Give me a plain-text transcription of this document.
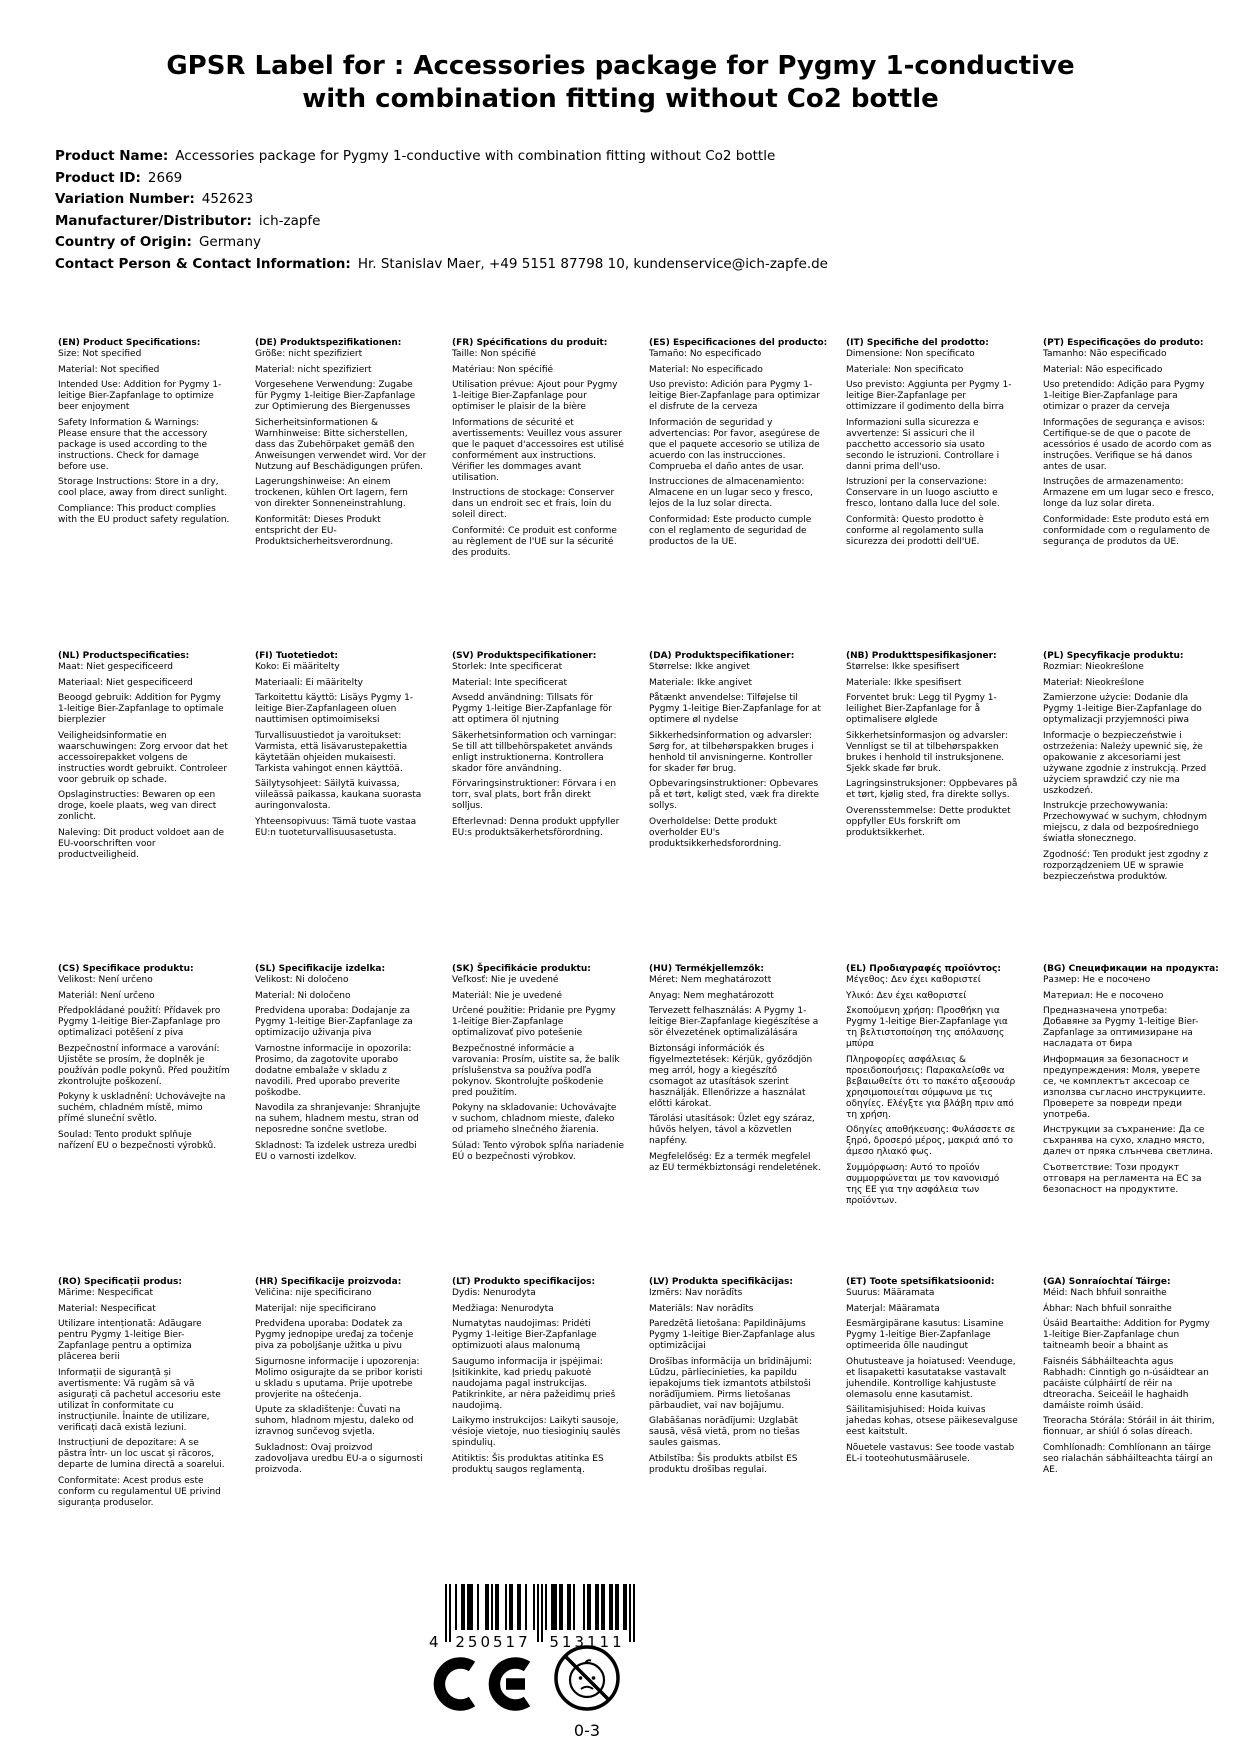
GPSR Label for : Accessories package for Pygmy 1-conductive with combination fitting without Co2 bottle
Product Name: Accessories package for Pygmy 1-conductive with combination fitting without Co2 bottle
Product ID: 2669
Variation Number: 452623
Manufacturer/Distributor: ich-zapfe
Country of Origin: Germany
Contact Person & Contact Information: Hr. Stanislav Maer, +49 5151 87798 10, kundenservice@ich-zapfe.de
(EN) Product Specifications:

Size: Not specified

Material: Not specified

Intended Use: Addition for Pygmy 1-leitige Bier-Zapfanlage to optimize beer enjoyment

Safety Information & Warnings: Please ensure that the accessory package is used according to the instructions. Check for damage before use.

Storage Instructions: Store in a dry, cool place, away from direct sunlight.

Compliance: This product complies with the EU product safety regulation.

(DE) Produktspezifikationen:

Größe: nicht spezifiziert

Material: nicht spezifiziert

Vorgesehene Verwendung: Zugabe für Pygmy 1-leitige Bier-Zapfanlage zur Optimierung des Biergenusses

Sicherheitsinformationen & Warnhinweise: Bitte sicherstellen, dass das Zubehörpaket gemäß den Anweisungen verwendet wird. Vor der Nutzung auf Beschädigungen prüfen.

Lagerungshinweise: An einem trockenen, kühlen Ort lagern, fern von direkter Sonneneinstrahlung.

Konformität: Dieses Produkt entspricht der EU-Produktsicherheitsverordnung.

(FR) Spécifications du produit:

Taille: Non spécifié

Matériau: Non spécifié

Utilisation prévue: Ajout pour Pygmy 1-leitige Bier-Zapfanlage pour optimiser le plaisir de la bière

Informations de sécurité et avertissements: Veuillez vous assurer que le paquet d'accessoires est utilisé conformément aux instructions. Vérifier les dommages avant utilisation.

Instructions de stockage: Conserver dans un endroit sec et frais, loin du soleil direct.

Conformité: Ce produit est conforme au règlement de l'UE sur la sécurité des produits.

(ES) Especificaciones del producto:

Tamaño: No especificado

Material: No especificado

Uso previsto: Adición para Pygmy 1-leitige Bier-Zapfanlage para optimizar el disfrute de la cerveza

Información de seguridad y advertencias: Por favor, asegúrese de que el paquete accesorio se utiliza de acuerdo con las instrucciones. Comprueba el daño antes de usar.

Instrucciones de almacenamiento: Almacene en un lugar seco y fresco, lejos de la luz solar directa.

Conformidad: Este producto cumple con el reglamento de seguridad de productos de la UE.

(IT) Specifiche del prodotto:

Dimensione: Non specificato

Materiale: Non specificato

Uso previsto: Aggiunta per Pygmy 1-leitige Bier-Zapfanlage per ottimizzare il godimento della birra

Informazioni sulla sicurezza e avvertenze: Si assicuri che il pacchetto accessorio sia usato secondo le istruzioni. Controllare i danni prima dell'uso.

Istruzioni per la conservazione: Conservare in un luogo asciutto e fresco, lontano dalla luce del sole.

Conformità: Questo prodotto è conforme al regolamento sulla sicurezza dei prodotti dell'UE.

(PT) Especificações do produto:

Tamanho: Não especificado

Material: Não especificado

Uso pretendido: Adição para Pygmy 1-leitige Bier-Zapfanlage para otimizar o prazer da cerveja

Informações de segurança e avisos: Certifique-se de que o pacote de acessórios é usado de acordo com as instruções. Verifique se há danos antes de usar.

Instruções de armazenamento: Armazene em um lugar seco e fresco, longe da luz solar direta.

Conformidade: Este produto está em conformidade com o regulamento de segurança de produtos da UE.

(NL) Productspecificaties:

Maat: Niet gespecificeerd

Materiaal: Niet gespecificeerd

Beoogd gebruik: Addition for Pygmy 1-leitige Bier-Zapfanlage to optimale bierplezier

Veiligheidsinformatie en waarschuwingen: Zorg ervoor dat het accessoirepakket volgens de instructies wordt gebruikt. Controleer voor gebruik op schade.

Opslaginstructies: Bewaren op een droge, koele plaats, weg van direct zonlicht.

Naleving: Dit product voldoet aan de EU-voorschriften voor productveiligheid.

(FI) Tuotetiedot:

Koko: Ei määritelty

Materiaali: Ei määritelty

Tarkoitettu käyttö: Lisäys Pygmy 1-leitige Bier-Zapfanlageen oluen nauttimisen optimoimiseksi

Turvallisuustiedot ja varoitukset: Varmista, että lisävarustepakettia käytetään ohjeiden mukaisesti. Tarkista vahingot ennen käyttöä.

Säilytysohjeet: Säilytä kuivassa, viileässä paikassa, kaukana suorasta auringonvalosta.

Yhteensopivuus: Tämä tuote vastaa EU:n tuoteturvallisuusasetusta.

(SV) Produktspecifikationer:

Storlek: Inte specificerat

Material: Inte specificerat

Avsedd användning: Tillsats för Pygmy 1-leitige Bier-Zapfanlage för att optimera öl njutning

Säkerhetsinformation och varningar: Se till att tillbehörspaketet används enligt instruktionerna. Kontrollera skador före användning.

Förvaringsinstruktioner: Förvara i en torr, sval plats, bort från direkt solljus.

Efterlevnad: Denna produkt uppfyller EU:s produktsäkerhetsförordning.

(DA) Produktspecifikationer:

Størrelse: Ikke angivet

Materiale: Ikke angivet

Påtænkt anvendelse: Tilføjelse til Pygmy 1-leitige Bier-Zapfanlage for at optimere øl nydelse

Sikkerhedsinformation og advarsler: Sørg for, at tilbehørspakken bruges i henhold til anvisningerne. Kontroller for skader før brug.

Opbevaringsinstruktioner: Opbevares på et tørt, køligt sted, væk fra direkte sollys.

Overholdelse: Dette produkt overholder EU's produktsikkerhedsforordning.

(NB) Produkttspesifikasjoner:

Størrelse: Ikke spesifisert

Materiale: Ikke spesifisert

Forventet bruk: Legg til Pygmy 1-leilighet Bier-Zapfanlage for å optimalisere ølglede

Sikkerhetsinformasjon og advarsler: Vennligst se til at tilbehørspakken brukes i henhold til instruksjonene. Sjekk skade før bruk.

Lagringsinstruksjoner: Oppbevares på et tørt, kjølig sted, fra direkte sollys.

Overensstemmelse: Dette produktet oppfyller EUs forskrift om produktsikkerhet.

(PL) Specyfikacje produktu:

Rozmiar: Nieokreślone

Materiał: Nieokreślone

Zamierzone użycie: Dodanie dla Pygmy 1-leitige Bier-Zapfanlage do optymalizacji przyjemności piwa

Informacje o bezpieczeństwie i ostrzeżenia: Należy upewnić się, że opakowanie z akcesoriami jest używane zgodnie z instrukcją. Przed użyciem sprawdzić czy nie ma uszkodzeń.

Instrukcje przechowywania: Przechowywać w suchym, chłodnym miejscu, z dala od bezpośredniego światła słonecznego.

Zgodność: Ten produkt jest zgodny z rozporządzeniem UE w sprawie bezpieczeństwa produktów.

(CS) Specifikace produktu:

Velikost: Není určeno

Materiál: Není určeno

Předpokládané použití: Přídavek pro Pygmy 1-leitige Bier-Zapfanlage pro optimalizaci potěšení z piva

Bezpečnostní informace a varování: Ujistěte se prosím, že doplněk je používán podle pokynů. Před použitím zkontrolujte poškození.

Pokyny k uskladnění: Uchovávejte na suchém, chladném místě, mimo přímé sluneční světlo.

Soulad: Tento produkt splňuje nařízení EU o bezpečnosti výrobků.

(SL) Specifikacije izdelka:

Velikost: Ni določeno

Material: Ni določeno

Predvidena uporaba: Dodajanje za Pygmy 1-leitige Bier-Zapfanlage za optimizacijo uživanja piva

Varnostne informacije in opozorila: Prosimo, da zagotovite uporabo dodatne embalaže v skladu z navodili. Pred uporabo preverite poškodbe.

Navodila za shranjevanje: Shranjujte na suhem, hladnem mestu, stran od neposredne sončne svetlobe.

Skladnost: Ta izdelek ustreza uredbi EU o varnosti izdelkov.

(SK) Špecifikácie produktu:

Veľkosť: Nie je uvedené

Materiál: Nie je uvedené

Určené použitie: Pridanie pre Pygmy 1-leitige Bier-Zapfanlage optimalizovať pivo potešenie

Bezpečnostné informácie a varovania: Prosím, uistite sa, že balík príslušenstva sa používa podľa pokynov. Skontrolujte poškodenie pred použitím.

Pokyny na skladovanie: Uchovávajte v suchom, chladnom mieste, ďaleko od priameho slnečného žiarenia.

Súlad: Tento výrobok spĺňa nariadenie EÚ o bezpečnosti výrobkov.

(HU) Termékjellemzők:

Méret: Nem meghatározott

Anyag: Nem meghatározott

Tervezett felhasználás: A Pygmy 1-leitige Bier-Zapfanlage kiegészítése a sör élvezetének optimalizálására

Biztonsági információk és figyelmeztetések: Kérjük, győződjön meg arról, hogy a kiegészítő csomagot az utasítások szerint használják. Ellenőrizze a használat előtti károkat.

Tárolási utasítások: Üzlet egy száraz, hűvös helyen, távol a közvetlen napfény.

Megfelelőség: Ez a termék megfelel az EU termékbiztonsági rendeletének.

(EL) Προδιαγραφές προϊόντος:

Μέγεθος: Δεν έχει καθοριστεί

Υλικό: Δεν έχει καθοριστεί

Σκοπούμενη χρήση: Προσθήκη για Pygmy 1-leitige Bier-Zapfanlage για τη βελτιστοποίηση της απόλαυσης μπύρα

Πληροφορίες ασφάλειας & προειδοποιήσεις: Παρακαλείσθε να βεβαιωθείτε ότι το πακέτο αξεσουάρ χρησιμοποιείται σύμφωνα με τις οδηγίες. Ελέγξτε για βλάβη πριν από τη χρήση.

Οδηγίες αποθήκευσης: Φυλάσσετε σε ξηρό, δροσερό μέρος, μακριά από το άμεσο ηλιακό φως.

Συμμόρφωση: Αυτό το προϊόν συμμορφώνεται με τον κανονισμό της ΕΕ για την ασφάλεια των προϊόντων.

(BG) Спецификации на продукта:

Размер: Не е посочено

Материал: Не е посочено

Предназначена употреба: Добавяне за Pygmy 1-leitige Bier-Zapfanlage за оптимизиране на насладата от бира

Информация за безопасност и предупреждения: Моля, уверете се, че комплектът аксесоар се използва съгласно инструкциите. Проверете за повреди преди употреба.

Инструкции за съхранение: Да се съхранява на сухо, хладно място, далеч от пряка слънчева светлина.

Съответствие: Този продукт отговаря на регламента на ЕС за безопасност на продуктите.

(RO) Specificații produs:

Mărime: Nespecificat

Material: Nespecificat

Utilizare intenționată: Adăugare pentru Pygmy 1-leitige Bier-Zapfanlage pentru a optimiza plăcerea berii

Informații de siguranță și avertismente: Vă rugăm să vă asigurați că pachetul accesoriu este utilizat în conformitate cu instrucțiunile. Înainte de utilizare, verificați dacă există leziuni.

Instrucțiuni de depozitare: A se păstra într- un loc uscat și răcoros, departe de lumina directă a soarelui.

Conformitate: Acest produs este conform cu regulamentul UE privind siguranța produselor.

(HR) Specifikacije proizvoda:

Veličina: nije specificirano

Materijal: nije specificirano

Predviđena uporaba: Dodatek za Pygmy jednopipe uređaj za točenje piva za poboljšanje užitka u pivu

Sigurnosne informacije i upozorenja: Molimo osigurajte da se pribor koristi u skladu s uputama. Prije upotrebe provjerite na oštećenja.

Upute za skladištenje: Čuvati na suhom, hladnom mjestu, daleko od izravnog sunčevog svjetla.

Sukladnost: Ovaj proizvod zadovoljava uredbu EU-a o sigurnosti proizvoda.

(LT) Produkto specifikacijos:

Dydis: Nenurodyta

Medžiaga: Nenurodyta

Numatytas naudojimas: Pridėti Pygmy 1-leitige Bier-Zapfanlage optimizuoti alaus malonumą

Saugumo informacija ir įspėjimai: Įsitikinkite, kad priedų pakuotė naudojama pagal instrukcijas. Patikrinkite, ar nėra pažeidimų prieš naudojimą.

Laikymo instrukcijos: Laikyti sausoje, vėsioje vietoje, nuo tiesioginių saulės spindulių.

Atitiktis: Šis produktas atitinka ES produktų saugos reglamentą.

(LV) Produkta specifikācijas:

Izmērs: Nav norādīts

Materiāls: Nav norādīts

Paredzētā lietošana: Papildinājums Pygmy 1-leitige Bier-Zapfanlage alus optimizācijai

Drošības informācija un brīdinājumi: Lūdzu, pārliecinieties, ka papildu iepakojums tiek izmantots atbilstoši norādījumiem. Pirms lietošanas pārbaudiet, vai nav bojājumu.

Glabāšanas norādījumi: Uzglabāt sausā, vēsā vietā, prom no tiešas saules gaismas.

Atbilstība: Šis produkts atbilst ES produktu drošības regulai.

(ET) Toote spetsifikatsioonid:

Suurus: Määramata

Materjal: Määramata

Eesmärgipärane kasutus: Lisamine Pygmy 1-leitige Bier-Zapfanlage optimeerida õlle naudingut

Ohutusteave ja hoiatused: Veenduge, et lisapaketti kasutatakse vastavalt juhendile. Kontrollige kahjustuste olemasolu enne kasutamist.

Säilitamisjuhised: Hoida kuivas jahedas kohas, otsese päikesevalguse eest kaitstult.

Nõuetele vastavus: See toode vastab EL-i tooteohutusmäärusele.

(GA) Sonraíochtaí Táirge:

Méid: Nach bhfuil sonraithe

Ábhar: Nach bhfuil sonraithe

Úsáid Beartaithe: Addition for Pygmy 1-leitige Bier-Zapfanlage chun taitneamh beoir a bhaint as

Faisnéis Sábháilteachta agus Rabhadh: Cinntigh go n-úsáidtear an pacáiste cúlpháirtí de réir na dtreoracha. Seiceáil le haghaidh damáiste roimh úsáid.

Treoracha Stórála: Stóráil in áit thirim, fionnuar, ar shiúl ó solas díreach.

Comhlíonadh: Comhlíonann an táirge seo rialachán sábháilteachta táirgí an AE.

4 250517 513111
0-3
